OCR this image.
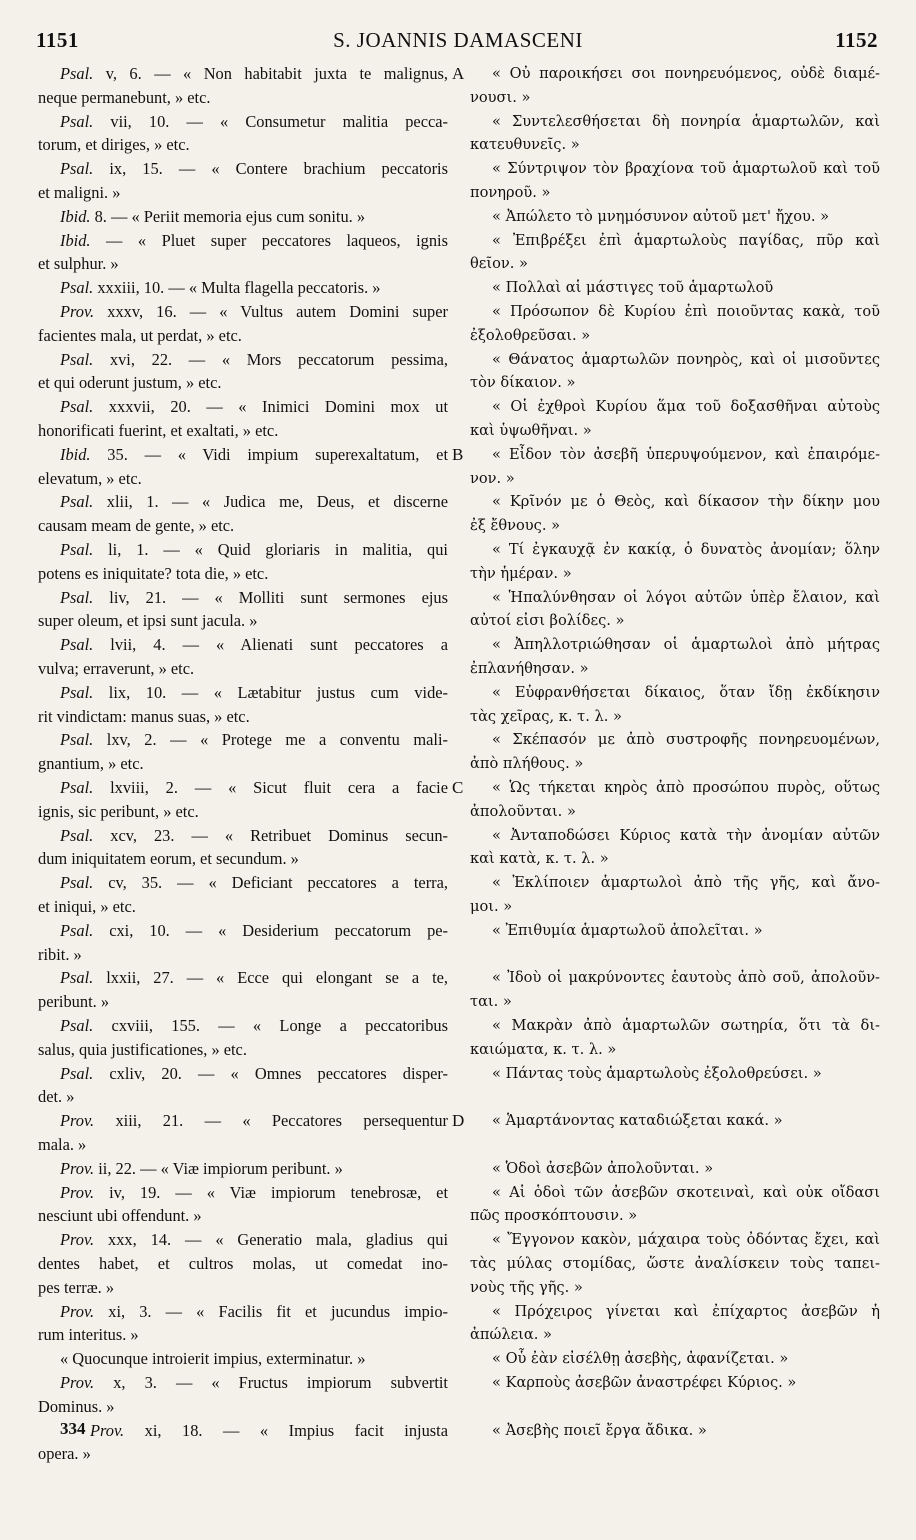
1151	S. JOANNIS DAMASCENI	1152
Psal. v, 6. — « Non habitabit juxta te malignus,
neque permanebunt, » etc.
Psal. vii, 10. — « Consumetur malitia pecca-
torum, et diriges, » etc.
Psal. ix, 15. — « Contere brachium peccatoris
et maligni. »
Ibid. 8. — « Periit memoria ejus cum sonitu. »
Ibid. — « Pluet super peccatores laqueos, ignis
et sulphur. »
Psal. xxxiii, 10. — « Multa flagella peccatoris. »
Prov. xxxv, 16. — « Vultus autem Domini super
facientes mala, ut perdat, » etc.
Psal. xvi, 22. — « Mors peccatorum pessima,
et qui oderunt justum, » etc.
Psal. xxxvii, 20. — « Inimici Domini mox ut
honorificati fuerint, et exaltati, » etc.
Ibid. 35. — « Vidi impium superexaltatum, et
elevatum, » etc.
Psal. xlii, 1. — « Judica me, Deus, et discerne
causam meam de gente, » etc.
Psal. li, 1. — « Quid gloriaris in malitia, qui
potens es iniquitate? tota die, » etc.
Psal. liv, 21. — « Molliti sunt sermones ejus
super oleum, et ipsi sunt jacula. »
Psal. lvii, 4. — « Alienati sunt peccatores a
vulva; erraverunt, » etc.
Psal. lix, 10. — « Lætabitur justus cum vide-
rit vindictam: manus suas, » etc.
Psal. lxv, 2. — « Protege me a conventu mali-
gnantium, » etc.
Psal. lxviii, 2. — « Sicut fluit cera a facie
ignis, sic peribunt, » etc.
Psal. xcv, 23. — « Retribuet Dominus secun-
dum iniquitatem eorum, et secundum. »
Psal. cv, 35. — « Deficiant peccatores a terra,
et iniqui, » etc.
Psal. cxi, 10. — « Desiderium peccatorum pe-
ribit. »
Psal. lxxii, 27. — « Ecce qui elongant se a te,
peribunt. »
Psal. cxviii, 155. — « Longe a peccatoribus
salus, quia justificationes, » etc.
Psal. cxliv, 20. — « Omnes peccatores disper-
det. »
Prov. xiii, 21. — « Peccatores persequentur
mala. »
Prov. ii, 22. — « Viæ impiorum peribunt. »
Prov. iv, 19. — « Viæ impiorum tenebrosæ, et
nesciunt ubi offendunt. »
Prov. xxx, 14. — « Generatio mala, gladius qui
dentes habet, et cultros molas, ut comedat ino-
pes terræ. »
Prov. xi, 3. — « Facilis fit et jucundus impio-
rum interitus. »
« Quocunque introierit impius, exterminatur. »
Prov. x, 3. — « Fructus impiorum subvertit
Dominus. »
Prov. xi, 18. — « Impius facit injusta
opera. »
« Οὐ παροικήσει σοι πονηρευόμενος, οὐδὲ διαμέ-
νουσι. »
« Συντελεσθήσεται δὴ πονηρία ἁμαρτωλῶν, καὶ
κατευθυνεῖς. »
« Σύντριψον τὸν βραχίονα τοῦ ἁμαρτωλοῦ καὶ τοῦ
πονηροῦ. »
« Ἀπώλετο τὸ μνημόσυνον αὐτοῦ μετ' ἤχου. »
« Ἐπιβρέξει ἐπὶ ἁμαρτωλοὺς παγίδας, πῦρ καὶ
θεῖον. »
« Πολλαὶ αἱ μάστιγες τοῦ ἁμαρτωλοῦ
« Πρόσωπον δὲ Κυρίου ἐπὶ ποιοῦντας κακὰ, τοῦ
ἐξολοθρεῦσαι. »
« Θάνατος ἁμαρτωλῶν πονηρὸς, καὶ οἱ μισοῦντες
τὸν δίκαιον. »
« Οἱ ἐχθροὶ Κυρίου ἅμα τοῦ δοξασθῆναι αὐτοὺς
καὶ ὑψωθῆναι. »
« Εἶδον τὸν ἀσεβῆ ὑπερυψούμενον, καὶ ἐπαιρόμε-
νον. »
« Κρῖνόν με ὁ Θεὸς, καὶ δίκασον τὴν δίκην μου
ἐξ ἔθνους. »
« Τί ἐγκαυχᾷ ἐν κακίᾳ, ὁ δυνατὸς ἀνομίαν; ὅλην
τὴν ἡμέραν. »
« Ἡπαλύνθησαν οἱ λόγοι αὐτῶν ὑπὲρ ἔλαιον, καὶ
αὐτοί εἰσι βολίδες. »
« Ἀπηλλοτριώθησαν οἱ ἁμαρτωλοὶ ἀπὸ μήτρας
ἐπλανήθησαν. »
« Εὐφρανθήσεται δίκαιος, ὅταν ἴδῃ ἐκδίκησιν
τὰς χεῖρας, κ. τ. λ. »
« Σκέπασόν με ἀπὸ συστροφῆς πονηρευομένων,
ἀπὸ πλήθους. »
« Ὡς τήκεται κηρὸς ἀπὸ προσώπου πυρὸς, οὕτως
ἀπολοῦνται. »
« Ἀνταποδώσει Κύριος κατὰ τὴν ἀνομίαν αὐτῶν
καὶ κατὰ, κ. τ. λ. »
« Ἐκλίποιεν ἁμαρτωλοὶ ἀπὸ τῆς γῆς, καὶ ἄνο-
μοι. »
« Ἐπιθυμία ἁμαρτωλοῦ ἀπολεῖται. »
« Ἰδοὺ οἱ μακρύνοντες ἑαυτοὺς ἀπὸ σοῦ, ἀπολοῦν-
ται. »
« Μακρὰν ἀπὸ ἁμαρτωλῶν σωτηρία, ὅτι τὰ δι-
καιώματα, κ. τ. λ. »
« Πάντας τοὺς ἁμαρτωλοὺς ἐξολοθρεύσει. »
« Ἁμαρτάνοντας καταδιώξεται κακά. »
« Ὁδοὶ ἀσεβῶν ἀπολοῦνται. »
« Αἱ ὁδοὶ τῶν ἀσεβῶν σκοτειναὶ, καὶ οὐκ οἴδασι
πῶς προσκόπτουσιν. »
« Ἔγγονον κακὸν, μάχαιρα τοὺς ὀδόντας ἔχει, καὶ
τὰς μύλας στομίδας, ὥστε ἀναλίσκειν τοὺς ταπει-
νοὺς τῆς γῆς. »
« Πρόχειρος γίνεται καὶ ἐπίχαρτος ἀσεβῶν ἡ
ἀπώλεια. »
« Οὗ ἐὰν εἰσέλθῃ ἀσεβὴς, ἀφανίζεται. »
« Καρποὺς ἀσεβῶν ἀναστρέφει Κύριος. »
« Ἀσεβὴς ποιεῖ ἔργα ἄδικα. »
A
B
C
D
334
